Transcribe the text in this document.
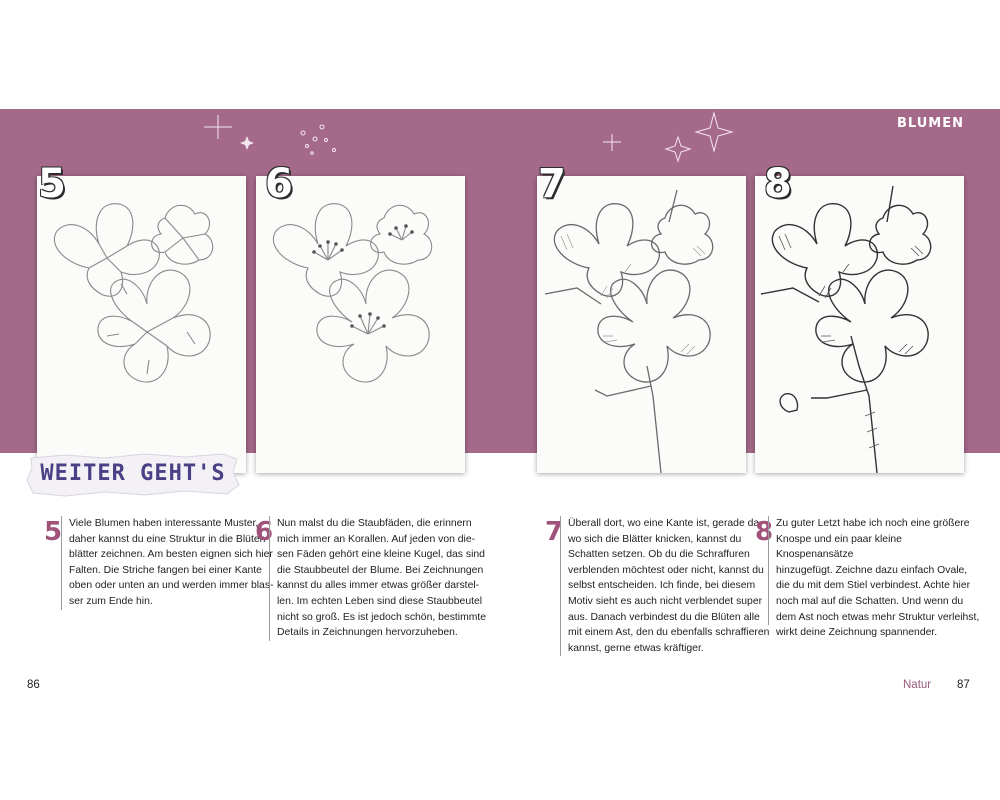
BLUMEN
5	6	7	8
WEITER GEHT'S
5 Viele Blumen haben interessante Muster,
daher kannst du eine Struktur in die Blüten-
blätter zeichnen. Am besten eignen sich hier
Falten. Die Striche fangen bei einer Kante
oben oder unten an und werden immer blas-
ser zum Ende hin.
6 Nun malst du die Staubfäden, die erinnern
mich immer an Korallen. Auf jeden von die-
sen Fäden gehört eine kleine Kugel, das sind
die Staubbeutel der Blume. Bei Zeichnungen
kannst du alles immer etwas größer darstel-
len. Im echten Leben sind diese Staubbeutel
nicht so groß. Es ist jedoch schön, bestimmte
Details in Zeichnungen hervorzuheben.
7 Überall dort, wo eine Kante ist, gerade da,
wo sich die Blätter knicken, kannst du
Schatten setzen. Ob du die Schraffuren
verblenden möchtest oder nicht, kannst du
selbst entscheiden. Ich finde, bei diesem
Motiv sieht es auch nicht verblendet super
aus. Danach verbindest du die Blüten alle
mit einem Ast, den du ebenfalls schraffieren
kannst, gerne etwas kräftiger.
8 Zu guter Letzt habe ich noch eine größere
Knospe und ein paar kleine Knospenansätze
hinzugefügt. Zeichne dazu einfach Ovale,
die du mit dem Stiel verbindest. Achte hier
noch mal auf die Schatten. Und wenn du
dem Ast noch etwas mehr Struktur verleihst,
wirkt deine Zeichnung spannender.
86	Natur 87
